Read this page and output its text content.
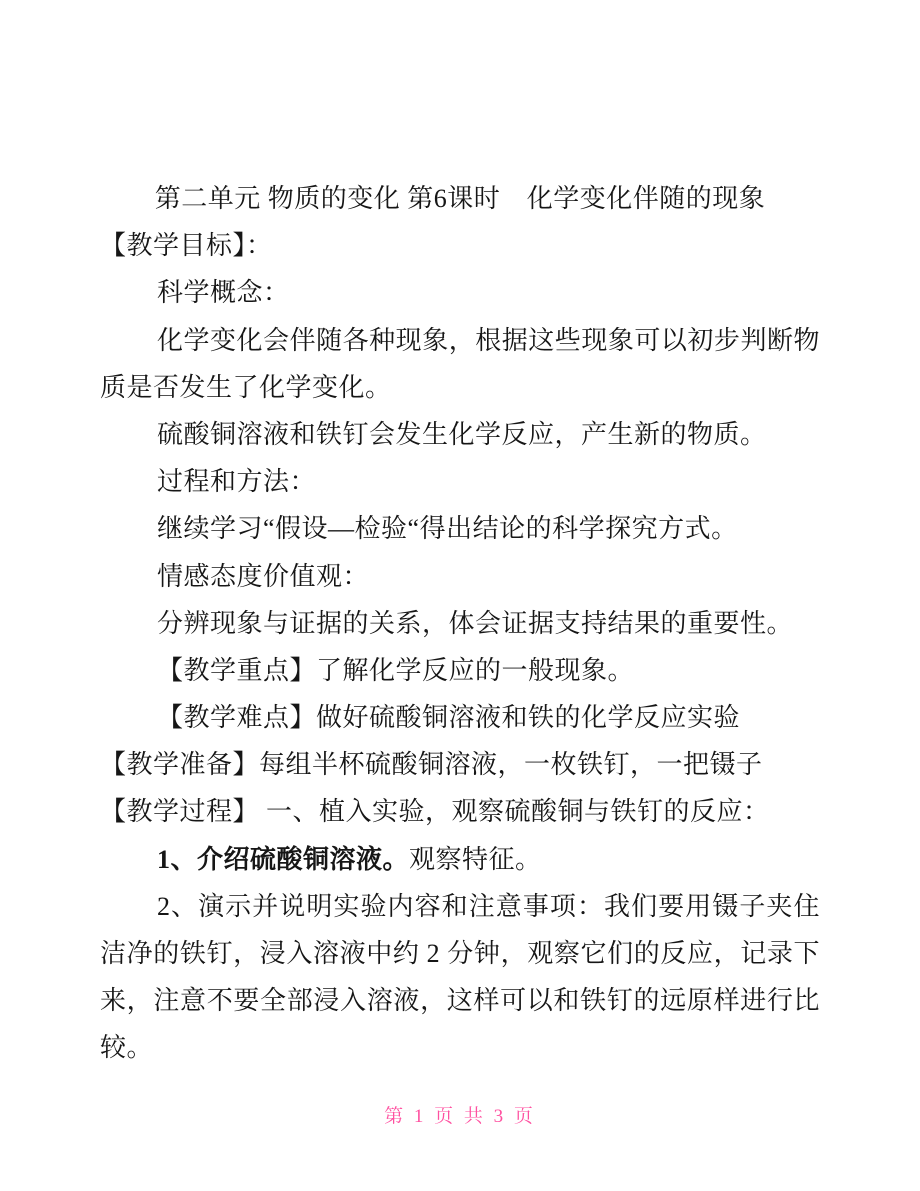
第二单元 物质的变化 第6课时　化学变化伴随的现象
【教学目标】：
科学概念：
化学变化会伴随各种现象，根据这些现象可以初步判断物
质是否发生了化学变化。
硫酸铜溶液和铁钉会发生化学反应，产生新的物质。
过程和方法：
继续学习“假设—检验“得出结论的科学探究方式。
情感态度价值观：
分辨现象与证据的关系，体会证据支持结果的重要性。
【教学重点】了解化学反应的一般现象。
【教学难点】做好硫酸铜溶液和铁的化学反应实验
【教学准备】每组半杯硫酸铜溶液，一枚铁钉，一把镊子
【教学过程】 一、植入实验，观察硫酸铜与铁钉的反应：
1、介绍硫酸铜溶液。观察特征。
2、演示并说明实验内容和注意事项：我们要用镊子夹住
洁净的铁钉，浸入溶液中约 2 分钟，观察它们的反应，记录下
来，注意不要全部浸入溶液，这样可以和铁钉的远原样进行比
较。
第 1 页 共 3 页
